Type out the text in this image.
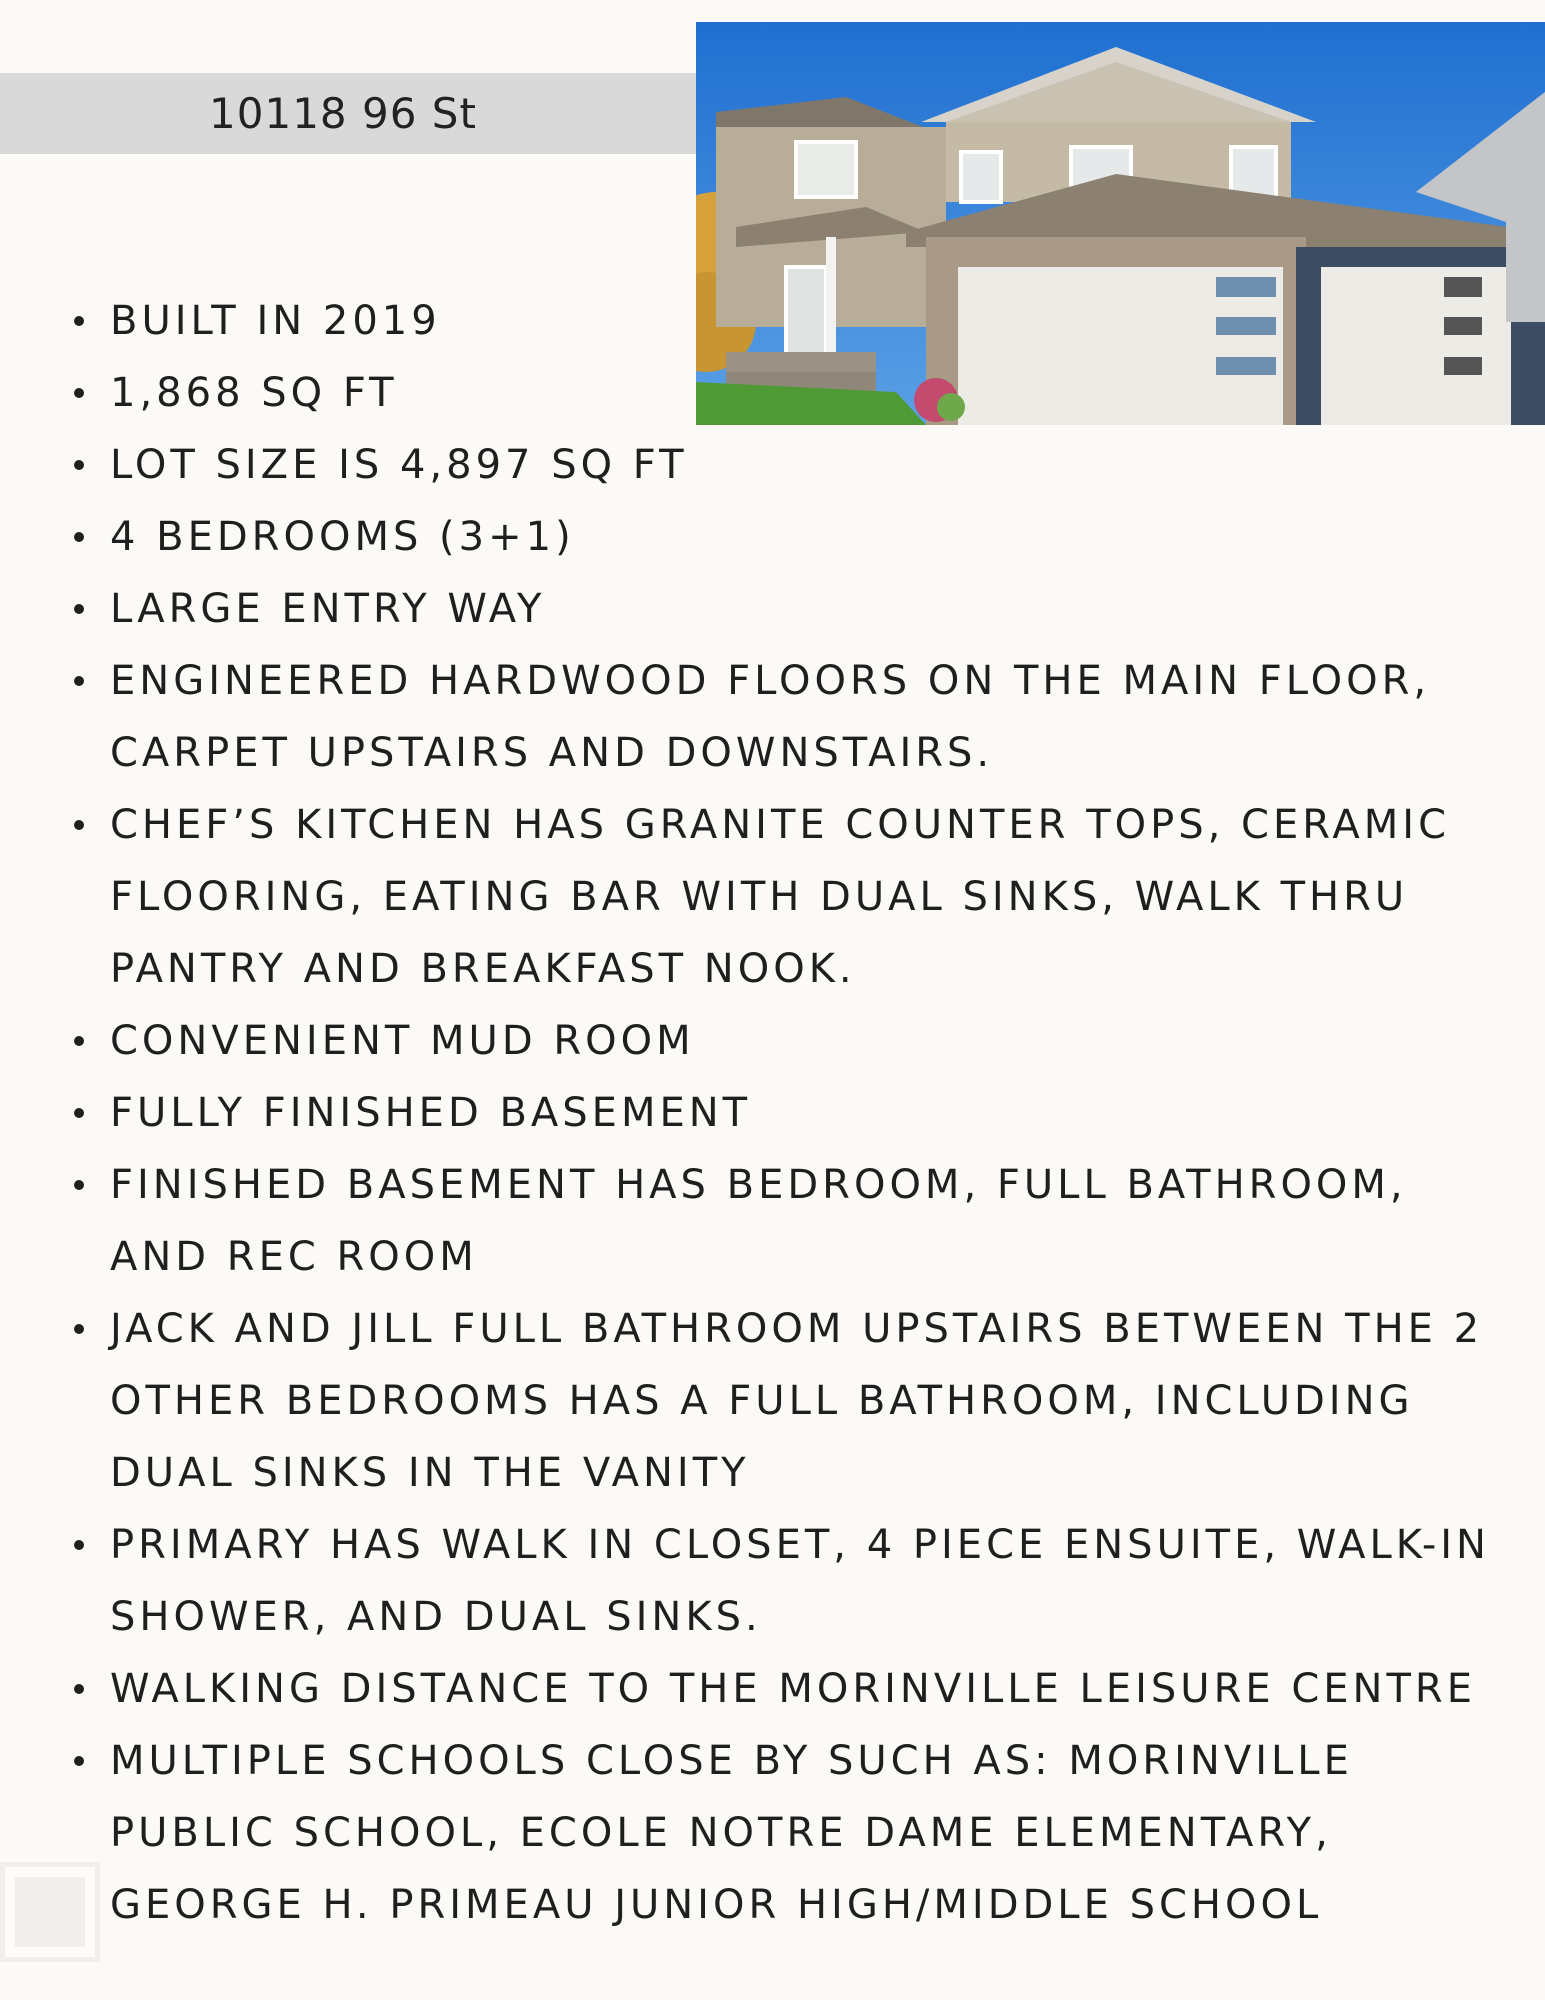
10118 96 St
BUILT IN 2019
1,868 SQ FT
LOT SIZE IS 4,897 SQ FT
4 BEDROOMS (3+1)
LARGE ENTRY WAY
ENGINEERED HARDWOOD FLOORS ON THE MAIN FLOOR, CARPET UPSTAIRS AND DOWNSTAIRS.
CHEF’S KITCHEN HAS GRANITE COUNTER TOPS, CERAMIC FLOORING, EATING BAR WITH DUAL SINKS, WALK THRU PANTRY AND BREAKFAST NOOK.
CONVENIENT MUD ROOM
FULLY FINISHED BASEMENT
FINISHED BASEMENT HAS BEDROOM, FULL BATHROOM, AND REC ROOM
JACK AND JILL FULL BATHROOM UPSTAIRS BETWEEN THE 2 OTHER BEDROOMS HAS A FULL BATHROOM, INCLUDING DUAL SINKS IN THE VANITY
PRIMARY HAS WALK IN CLOSET, 4 PIECE ENSUITE, WALK-IN SHOWER, AND DUAL SINKS.
WALKING DISTANCE TO THE MORINVILLE LEISURE CENTRE
MULTIPLE SCHOOLS CLOSE BY SUCH AS: MORINVILLE PUBLIC SCHOOL, ECOLE NOTRE DAME ELEMENTARY, GEORGE H. PRIMEAU JUNIOR HIGH/MIDDLE SCHOOL
